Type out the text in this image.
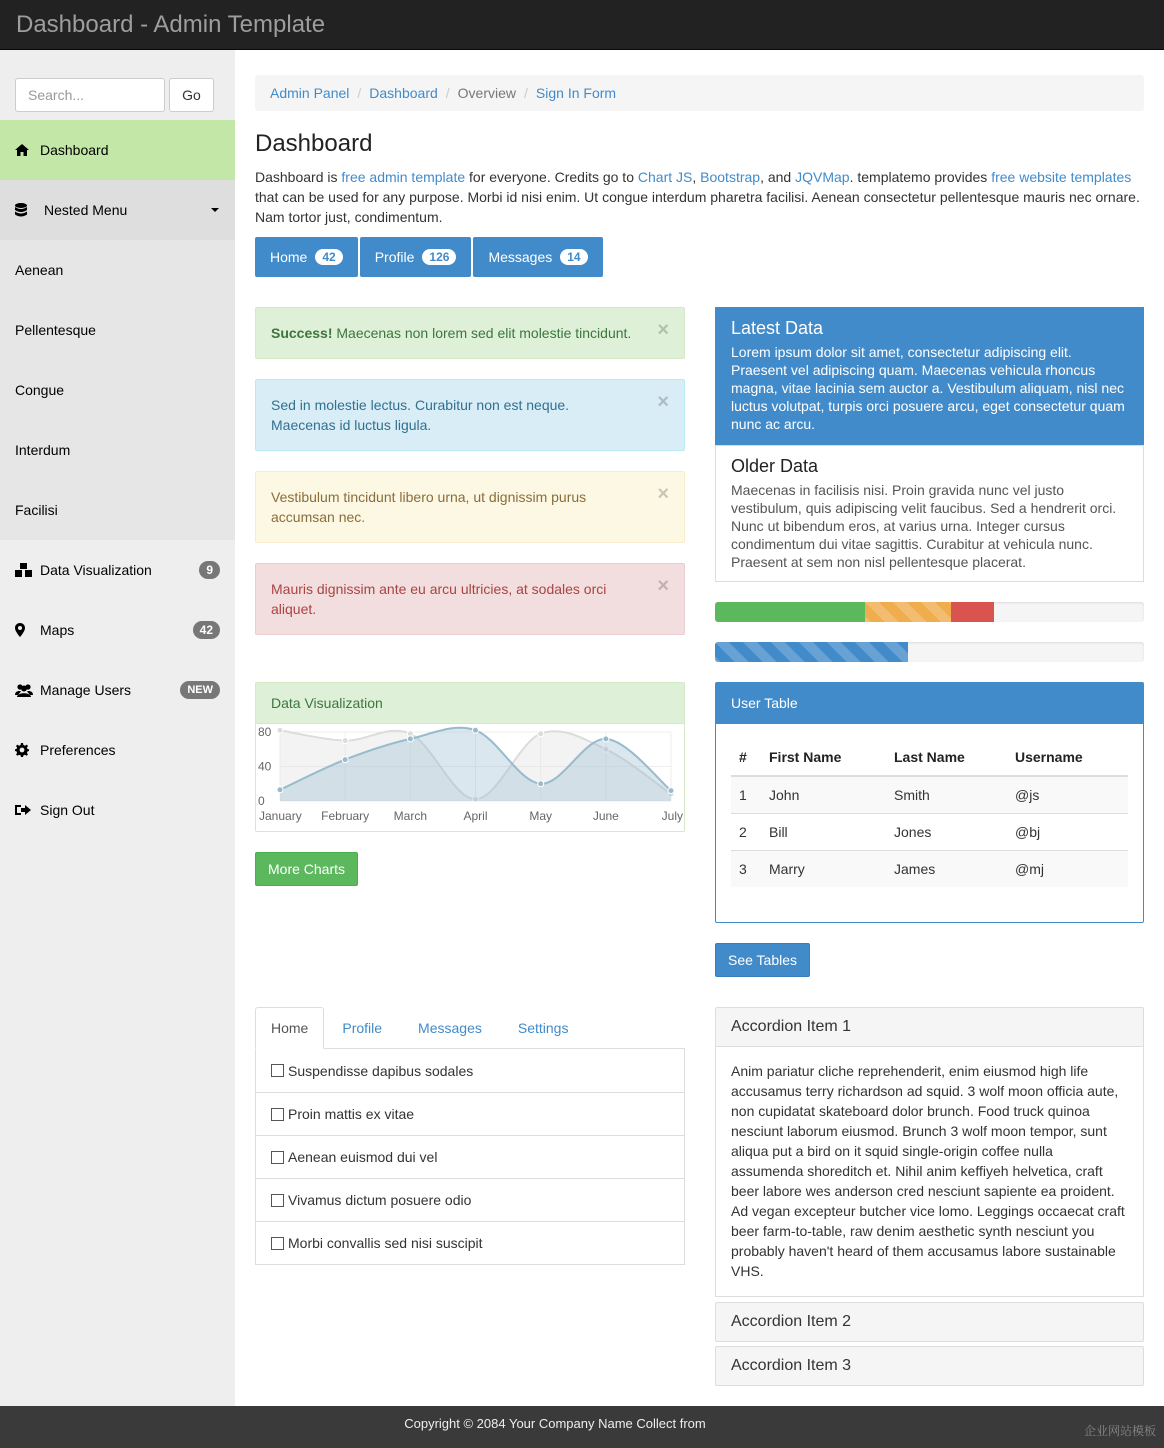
Dashboard - Admin Template
Search...
Go
Dashboard
Nested Menu
Aenean
Pellentesque
Congue
Interdum
Facilisi
Data Visualization	9
Maps	42
Manage Users	NEW
Preferences
Sign Out
Admin Panel / Dashboard / Overview / Sign In Form
Dashboard

Dashboard is free admin template for everyone. Credits go to Chart JS, Bootstrap, and JQVMap. templatemo provides free website templates that can be used for any purpose. Morbi id nisi enim. Ut congue interdum pharetra facilisi. Aenean consectetur pellentesque mauris nec ornare. Nam tortor just, condimentum.

Home	42	Profile	126	Messages	14
Success! Maecenas non lorem sed elit molestie tincidunt. ×
Sed in molestie lectus. Curabitur non est neque. Maecenas id luctus ligula.
×
Vestibulum tincidunt libero urna, ut dignissim purus accumsan nec.
×
Mauris dignissim ante eu arcu ultricies, at sodales orci aliquet.
×
Data Visualization
80
40
0
January February March	April	May	June	July
More Charts
Home	Profile	Messages	Settings
Suspendisse dapibus sodales
Proin mattis ex vitae
Aenean euismod dui vel
Vivamus dictum posuere odio
Morbi convallis sed nisi suscipit
Latest Data
Lorem ipsum dolor sit amet, consectetur adipiscing elit. Praesent vel adipiscing quam. Maecenas vehicula rhoncus magna, vitae lacinia sem auctor a. Vestibulum aliquam, nisl nec luctus volutpat, turpis orci posuere arcu, eget consectetur quam nunc ac arcu.
Older Data
Maecenas in facilisis nisi. Proin gravida nunc vel justo vestibulum, quis adipiscing velit faucibus. Sed a hendrerit orci. Nunc ut bibendum eros, at varius urna. Integer cursus condimentum dui vitae sagittis. Curabitur at vehicula nunc. Praesent at sem non nisl pellentesque placerat.
User Table
#	First Name	Last Name	Username
1	John	Smith	@js
2	Bill	Jones	@bj
3	Marry	James	@mj
See Tables
Accordion Item 1
Anim pariatur cliche reprehenderit, enim eiusmod high life accusamus terry richardson ad squid. 3 wolf moon officia aute, non cupidatat skateboard dolor brunch. Food truck quinoa nesciunt laborum eiusmod. Brunch 3 wolf moon tempor, sunt aliqua put a bird on it squid single-origin coffee nulla assumenda shoreditch et. Nihil anim keffiyeh helvetica, craft beer labore wes anderson cred nesciunt sapiente ea proident. Ad vegan excepteur butcher vice lomo. Leggings occaecat craft beer farm-to-table, raw denim aesthetic synth nesciunt you probably haven't heard of them accusamus labore sustainable VHS.
Accordion Item 2
Accordion Item 3
Copyright © 2084 Your Company Name Collect from	企业网站模板
